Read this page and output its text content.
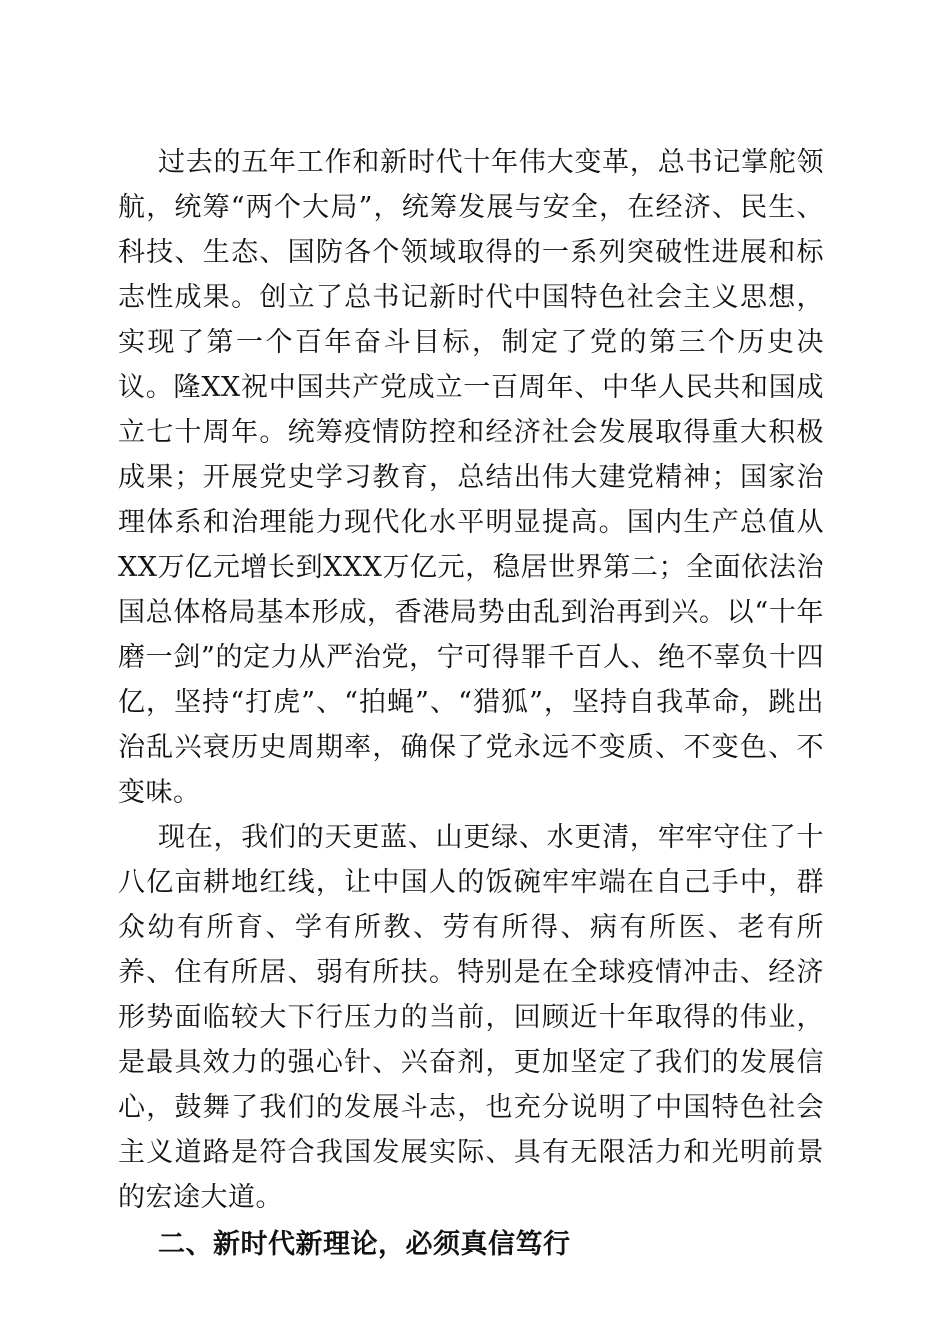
过去的五年工作和新时代十年伟大变革，总书记掌舵领航，统筹“两个大局”，统筹发展与安全，在经济、民生、科技、生态、国防各个领域取得的一系列突破性进展和标志性成果。创立了总书记新时代中国特色社会主义思想，实现了第一个百年奋斗目标，制定了党的第三个历史决议。隆XX祝中国共产党成立一百周年、中华人民共和国成立七十周年。统筹疫情防控和经济社会发展取得重大积极成果；开展党史学习教育，总结出伟大建党精神；国家治理体系和治理能力现代化水平明显提高。国内生产总值从XX万亿元增长到XXX万亿元，稳居世界第二；全面依法治国总体格局基本形成，香港局势由乱到治再到兴。以“十年磨一剑”的定力从严治党，宁可得罪千百人、绝不辜负十四亿，坚持“打虎”、“拍蝇”、“猎狐”，坚持自我革命，跳出治乱兴衰历史周期率，确保了党永远不变质、不变色、不变味。

现在，我们的天更蓝、山更绿、水更清，牢牢守住了十八亿亩耕地红线，让中国人的饭碗牢牢端在自己手中，群众幼有所育、学有所教、劳有所得、病有所医、老有所养、住有所居、弱有所扶。特别是在全球疫情冲击、经济形势面临较大下行压力的当前，回顾近十年取得的伟业，是最具效力的强心针、兴奋剂，更加坚定了我们的发展信心，鼓舞了我们的发展斗志，也充分说明了中国特色社会主义道路是符合我国发展实际、具有无限活力和光明前景的宏途大道。

二、新时代新理论，必须真信笃行
